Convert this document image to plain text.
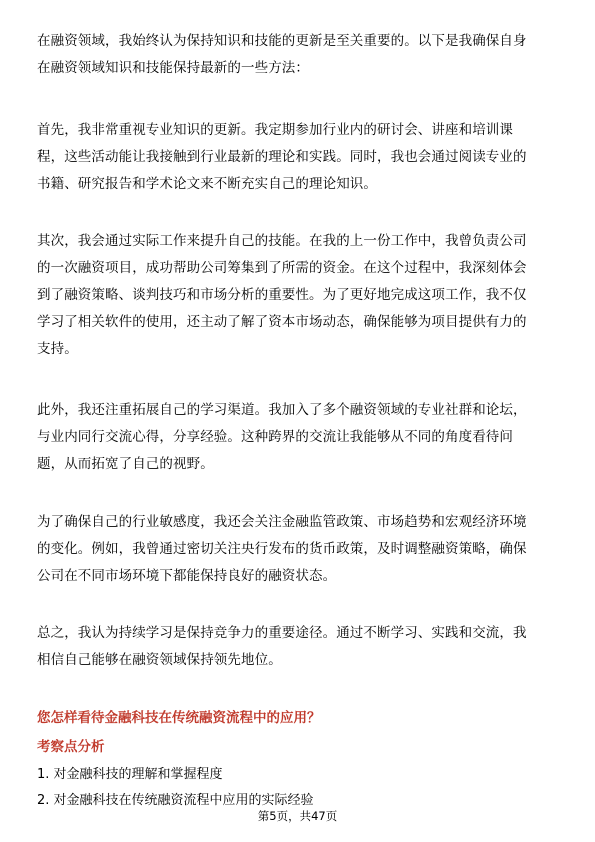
在融资领域，我始终认为保持知识和技能的更新是至关重要的。以下是我确保自身
在融资领域知识和技能保持最新的一些方法：
首先，我非常重视专业知识的更新。我定期参加行业内的研讨会、讲座和培训课
程，这些活动能让我接触到行业最新的理论和实践。同时，我也会通过阅读专业的
书籍、研究报告和学术论文来不断充实自己的理论知识。
其次，我会通过实际工作来提升自己的技能。在我的上一份工作中，我曾负责公司
的一次融资项目，成功帮助公司筹集到了所需的资金。在这个过程中，我深刻体会
到了融资策略、谈判技巧和市场分析的重要性。为了更好地完成这项工作，我不仅
学习了相关软件的使用，还主动了解了资本市场动态，确保能够为项目提供有力的
支持。
此外，我还注重拓展自己的学习渠道。我加入了多个融资领域的专业社群和论坛，
与业内同行交流心得，分享经验。这种跨界的交流让我能够从不同的角度看待问
题，从而拓宽了自己的视野。
为了确保自己的行业敏感度，我还会关注金融监管政策、市场趋势和宏观经济环境
的变化。例如，我曾通过密切关注央行发布的货币政策，及时调整融资策略，确保
公司在不同市场环境下都能保持良好的融资状态。
总之，我认为持续学习是保持竞争力的重要途径。通过不断学习、实践和交流，我
相信自己能够在融资领域保持领先地位。
您怎样看待金融科技在传统融资流程中的应用？
考察点分析
1. 对金融科技的理解和掌握程度
2. 对金融科技在传统融资流程中应用的实际经验
第5页，共47页
